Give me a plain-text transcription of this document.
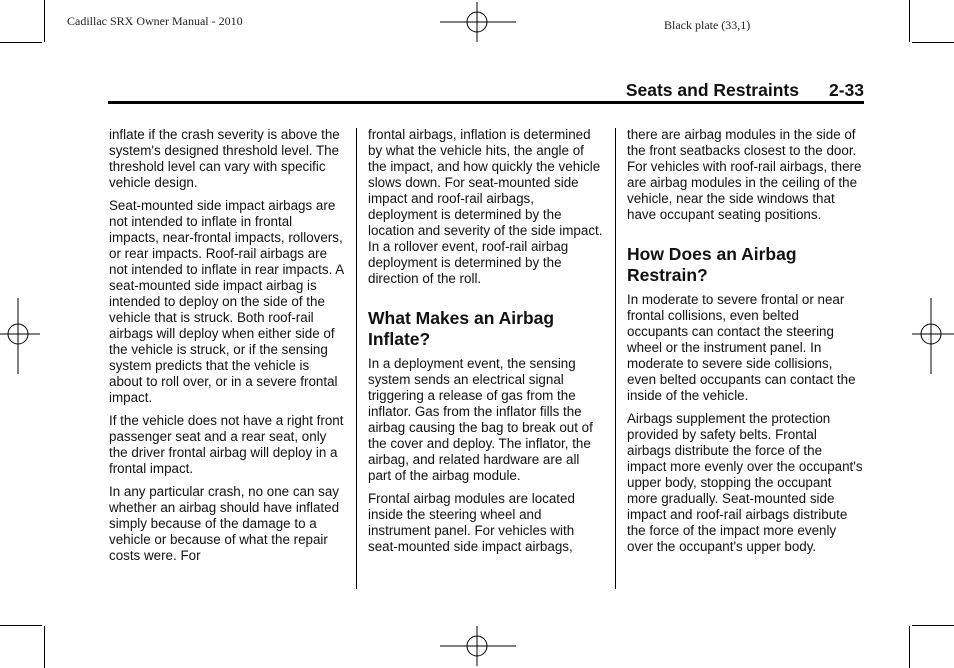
Cadillac SRX Owner Manual - 2010	Black plate (33,1)
Seats and Restraints 2-33

inflate if the crash severity is above the system's designed threshold level. The threshold level can vary with specific vehicle design.

Seat-mounted side impact airbags are not intended to inflate in frontal impacts, near-frontal impacts, rollovers, or rear impacts. Roof-rail airbags are not intended to inflate in rear impacts. A seat-mounted side impact airbag is intended to deploy on the side of the vehicle that is struck. Both roof-rail airbags will deploy when either side of the vehicle is struck, or if the sensing system predicts that the vehicle is about to roll over, or in a severe frontal impact.

If the vehicle does not have a right front passenger seat and a rear seat, only the driver frontal airbag will deploy in a frontal impact.

In any particular crash, no one can say whether an airbag should have inflated simply because of the damage to a vehicle or because of what the repair costs were. For

frontal airbags, inflation is determined by what the vehicle hits, the angle of the impact, and how quickly the vehicle slows down. For seat-mounted side impact and roof-rail airbags, deployment is determined by the location and severity of the side impact. In a rollover event, roof-rail airbag deployment is determined by the direction of the roll.

What Makes an Airbag Inflate?

In a deployment event, the sensing system sends an electrical signal triggering a release of gas from the inflator. Gas from the inflator fills the airbag causing the bag to break out of the cover and deploy. The inflator, the airbag, and related hardware are all part of the airbag module.

Frontal airbag modules are located inside the steering wheel and instrument panel. For vehicles with seat-mounted side impact airbags,

there are airbag modules in the side of the front seatbacks closest to the door. For vehicles with roof-rail airbags, there are airbag modules in the ceiling of the vehicle, near the side windows that have occupant seating positions.

How Does an Airbag Restrain?

In moderate to severe frontal or near frontal collisions, even belted occupants can contact the steering wheel or the instrument panel. In moderate to severe side collisions, even belted occupants can contact the inside of the vehicle.

Airbags supplement the protection provided by safety belts. Frontal airbags distribute the force of the impact more evenly over the occupant's upper body, stopping the occupant more gradually. Seat-mounted side impact and roof-rail airbags distribute the force of the impact more evenly over the occupant's upper body.
